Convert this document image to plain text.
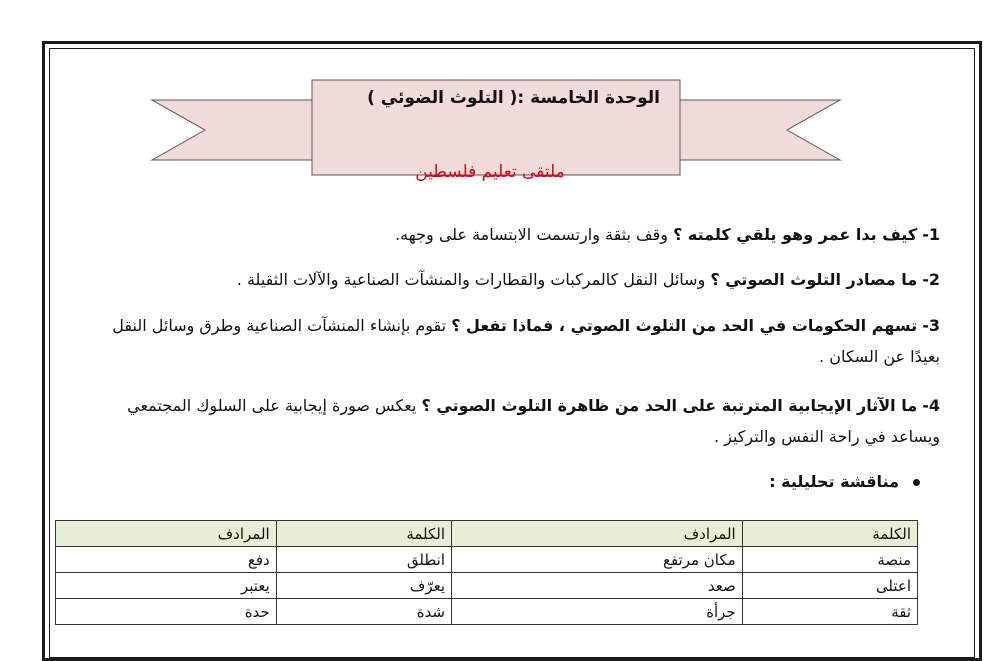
الوحدة الخامسة :( التلوث الضوئي )
ملتقى تعليم فلسطين
1- كيف بدا عمر وهو يلقي كلمته ؟ وقف بثقة وارتسمت الابتسامة على وجهه.
2- ما مصادر التلوث الصوتي ؟ وسائل النقل كالمركبات والقطارات والمنشآت الصناعية والآلات الثقيلة .
3- تسهم الحكومات في الحد من التلوث الصوتي ، فماذا تفعل ؟ تقوم بإنشاء المنشآت الصناعية وطرق وسائل النقل بعيدًا عن السكان .
4- ما الآثار الإيجابية المترتبة على الحد من ظاهرة التلوث الصوتي ؟ يعكس صورة إيجابية على السلوك المجتمعي ويساعد في راحة النفس والتركيز .
مناقشة تحليلية :
الكلمة	المرادف	الكلمة	المرادف
منصة	مكان مرتفع	انطلق	دفع
اعتلى	صعد	يعرّف	يعتبر
ثقة	جرأة	شدة	حدة
